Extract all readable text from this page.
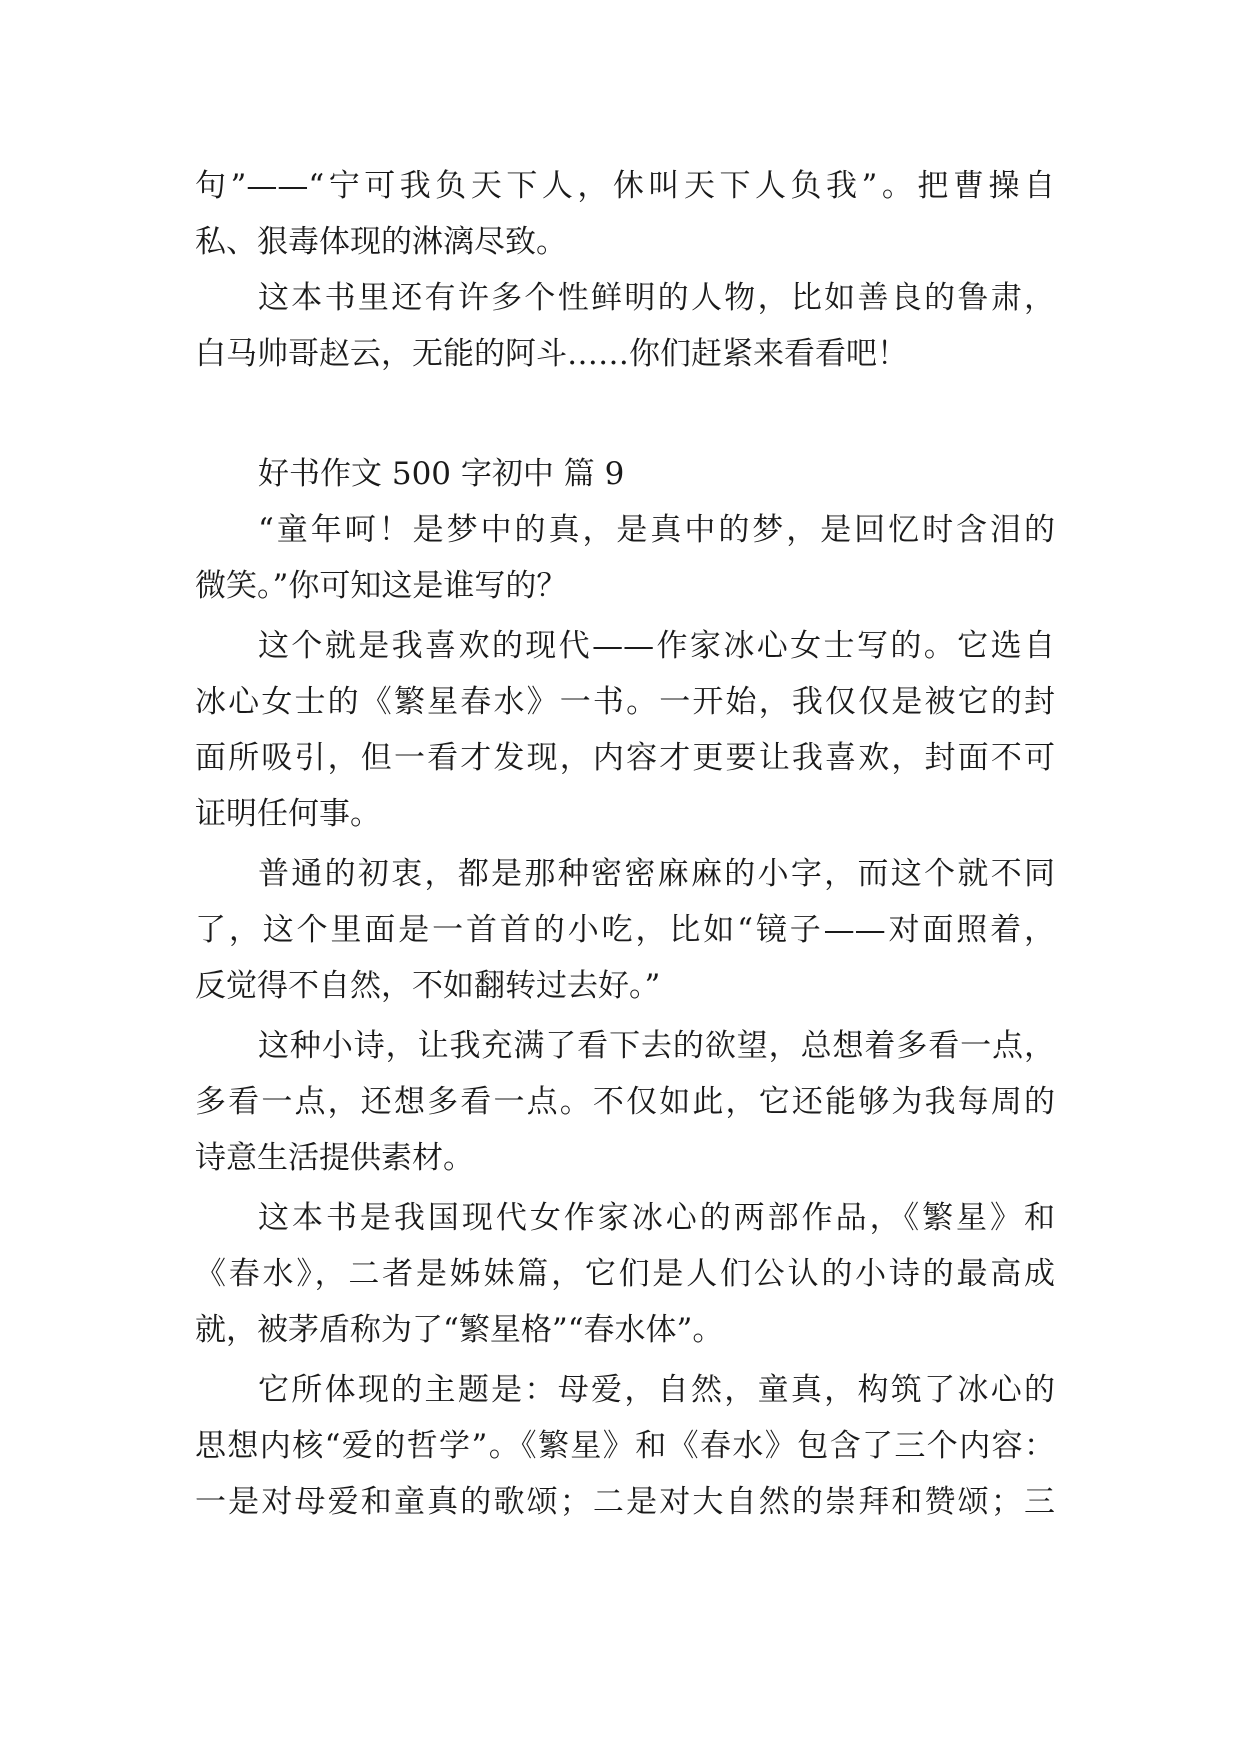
句”——“宁可我负天下人，休叫天下人负我”。把曹操自
私、狠毒体现的淋漓尽致。
这本书里还有许多个性鲜明的人物，比如善良的鲁肃，
白马帅哥赵云，无能的阿斗……你们赶紧来看看吧！
好书作文 500 字初中 篇 9
“童年呵！是梦中的真，是真中的梦，是回忆时含泪的
微笑。”你可知这是谁写的？
这个就是我喜欢的现代——作家冰心女士写的。它选自
冰心女士的《繁星春水》一书。一开始，我仅仅是被它的封
面所吸引，但一看才发现，内容才更要让我喜欢，封面不可
证明任何事。
普通的初衷，都是那种密密麻麻的小字，而这个就不同
了，这个里面是一首首的小吃，比如“镜子——对面照着，
反觉得不自然，不如翻转过去好。”
这种小诗，让我充满了看下去的欲望，总想着多看一点，
多看一点，还想多看一点。不仅如此，它还能够为我每周的
诗意生活提供素材。
这本书是我国现代女作家冰心的两部作品，《繁星》和
《春水》，二者是姊妹篇，它们是人们公认的小诗的最高成
就，被茅盾称为了“繁星格”“春水体”。
它所体现的主题是：母爱，自然，童真，构筑了冰心的
思想内核“爱的哲学”。《繁星》和《春水》包含了三个内容：
一是对母爱和童真的歌颂；二是对大自然的崇拜和赞颂；三
